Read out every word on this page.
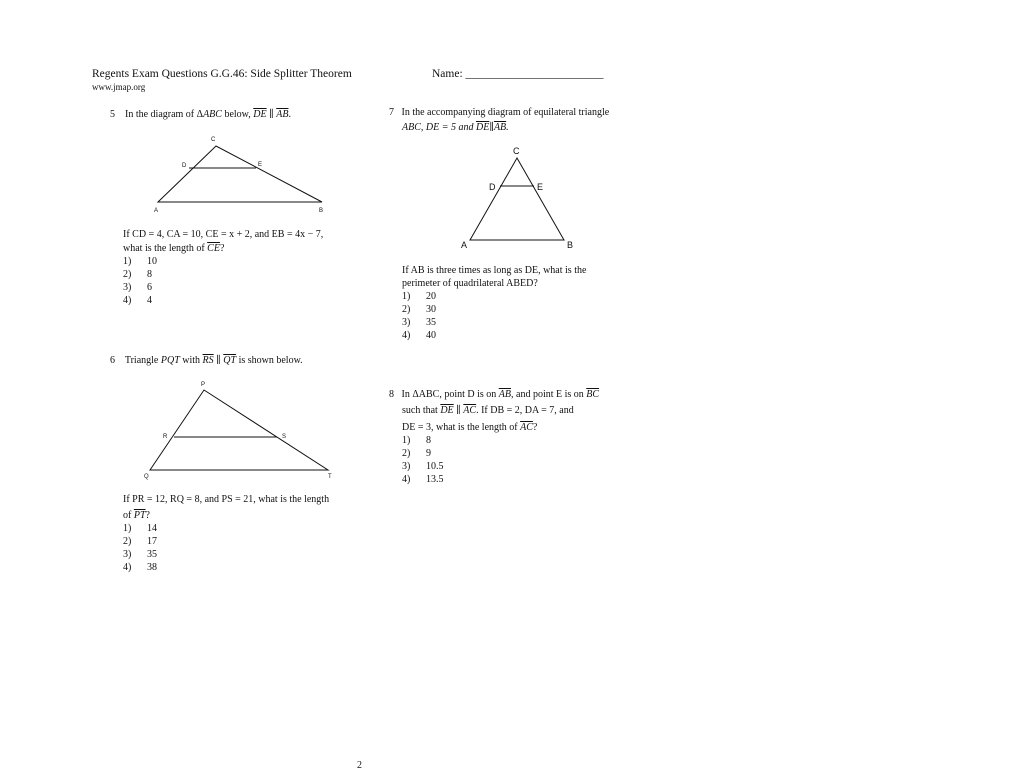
Regents Exam Questions G.G.46: Side Splitter Theorem
www.jmap.org
Name: ________________________
5 In the diagram of ΔABC below, $\overline{DE}$ ∥ $\overline{AB}$.
C
D	E
A	B
If CD = 4, CA = 10, CE = x + 2, and EB = 4x − 7,
what is the length of $\overline{CE}$?
1) 10
2) 8
3) 6
4) 4
6 Triangle PQT with $\overline{RS}$ ∥ $\overline{QT}$ is shown below.
P
R	S
Q	T
If PR = 12, RQ = 8, and PS = 21, what is the length
of $\overline{PT}$?
1) 14
2) 17
3) 35
4) 38
7 In the accompanying diagram of equilateral triangle
ABC, DE = 5 and $\overline{DE}\parallel\overline{AB}$.
C
D	E
A	B
If AB is three times as long as DE, what is the
perimeter of quadrilateral ABED?
1) 20
2) 30
3) 35
4) 40
8 In ΔABC, point D is on $\overline{AB}$, and point E is on $\overline{BC}$
such that $\overline{DE}$ ∥ $\overline{AC}$. If DB = 2, DA = 7, and
DE = 3, what is the length of $\overline{AC}$?
1) 8
2) 9
3) 10.5
4) 13.5
2
